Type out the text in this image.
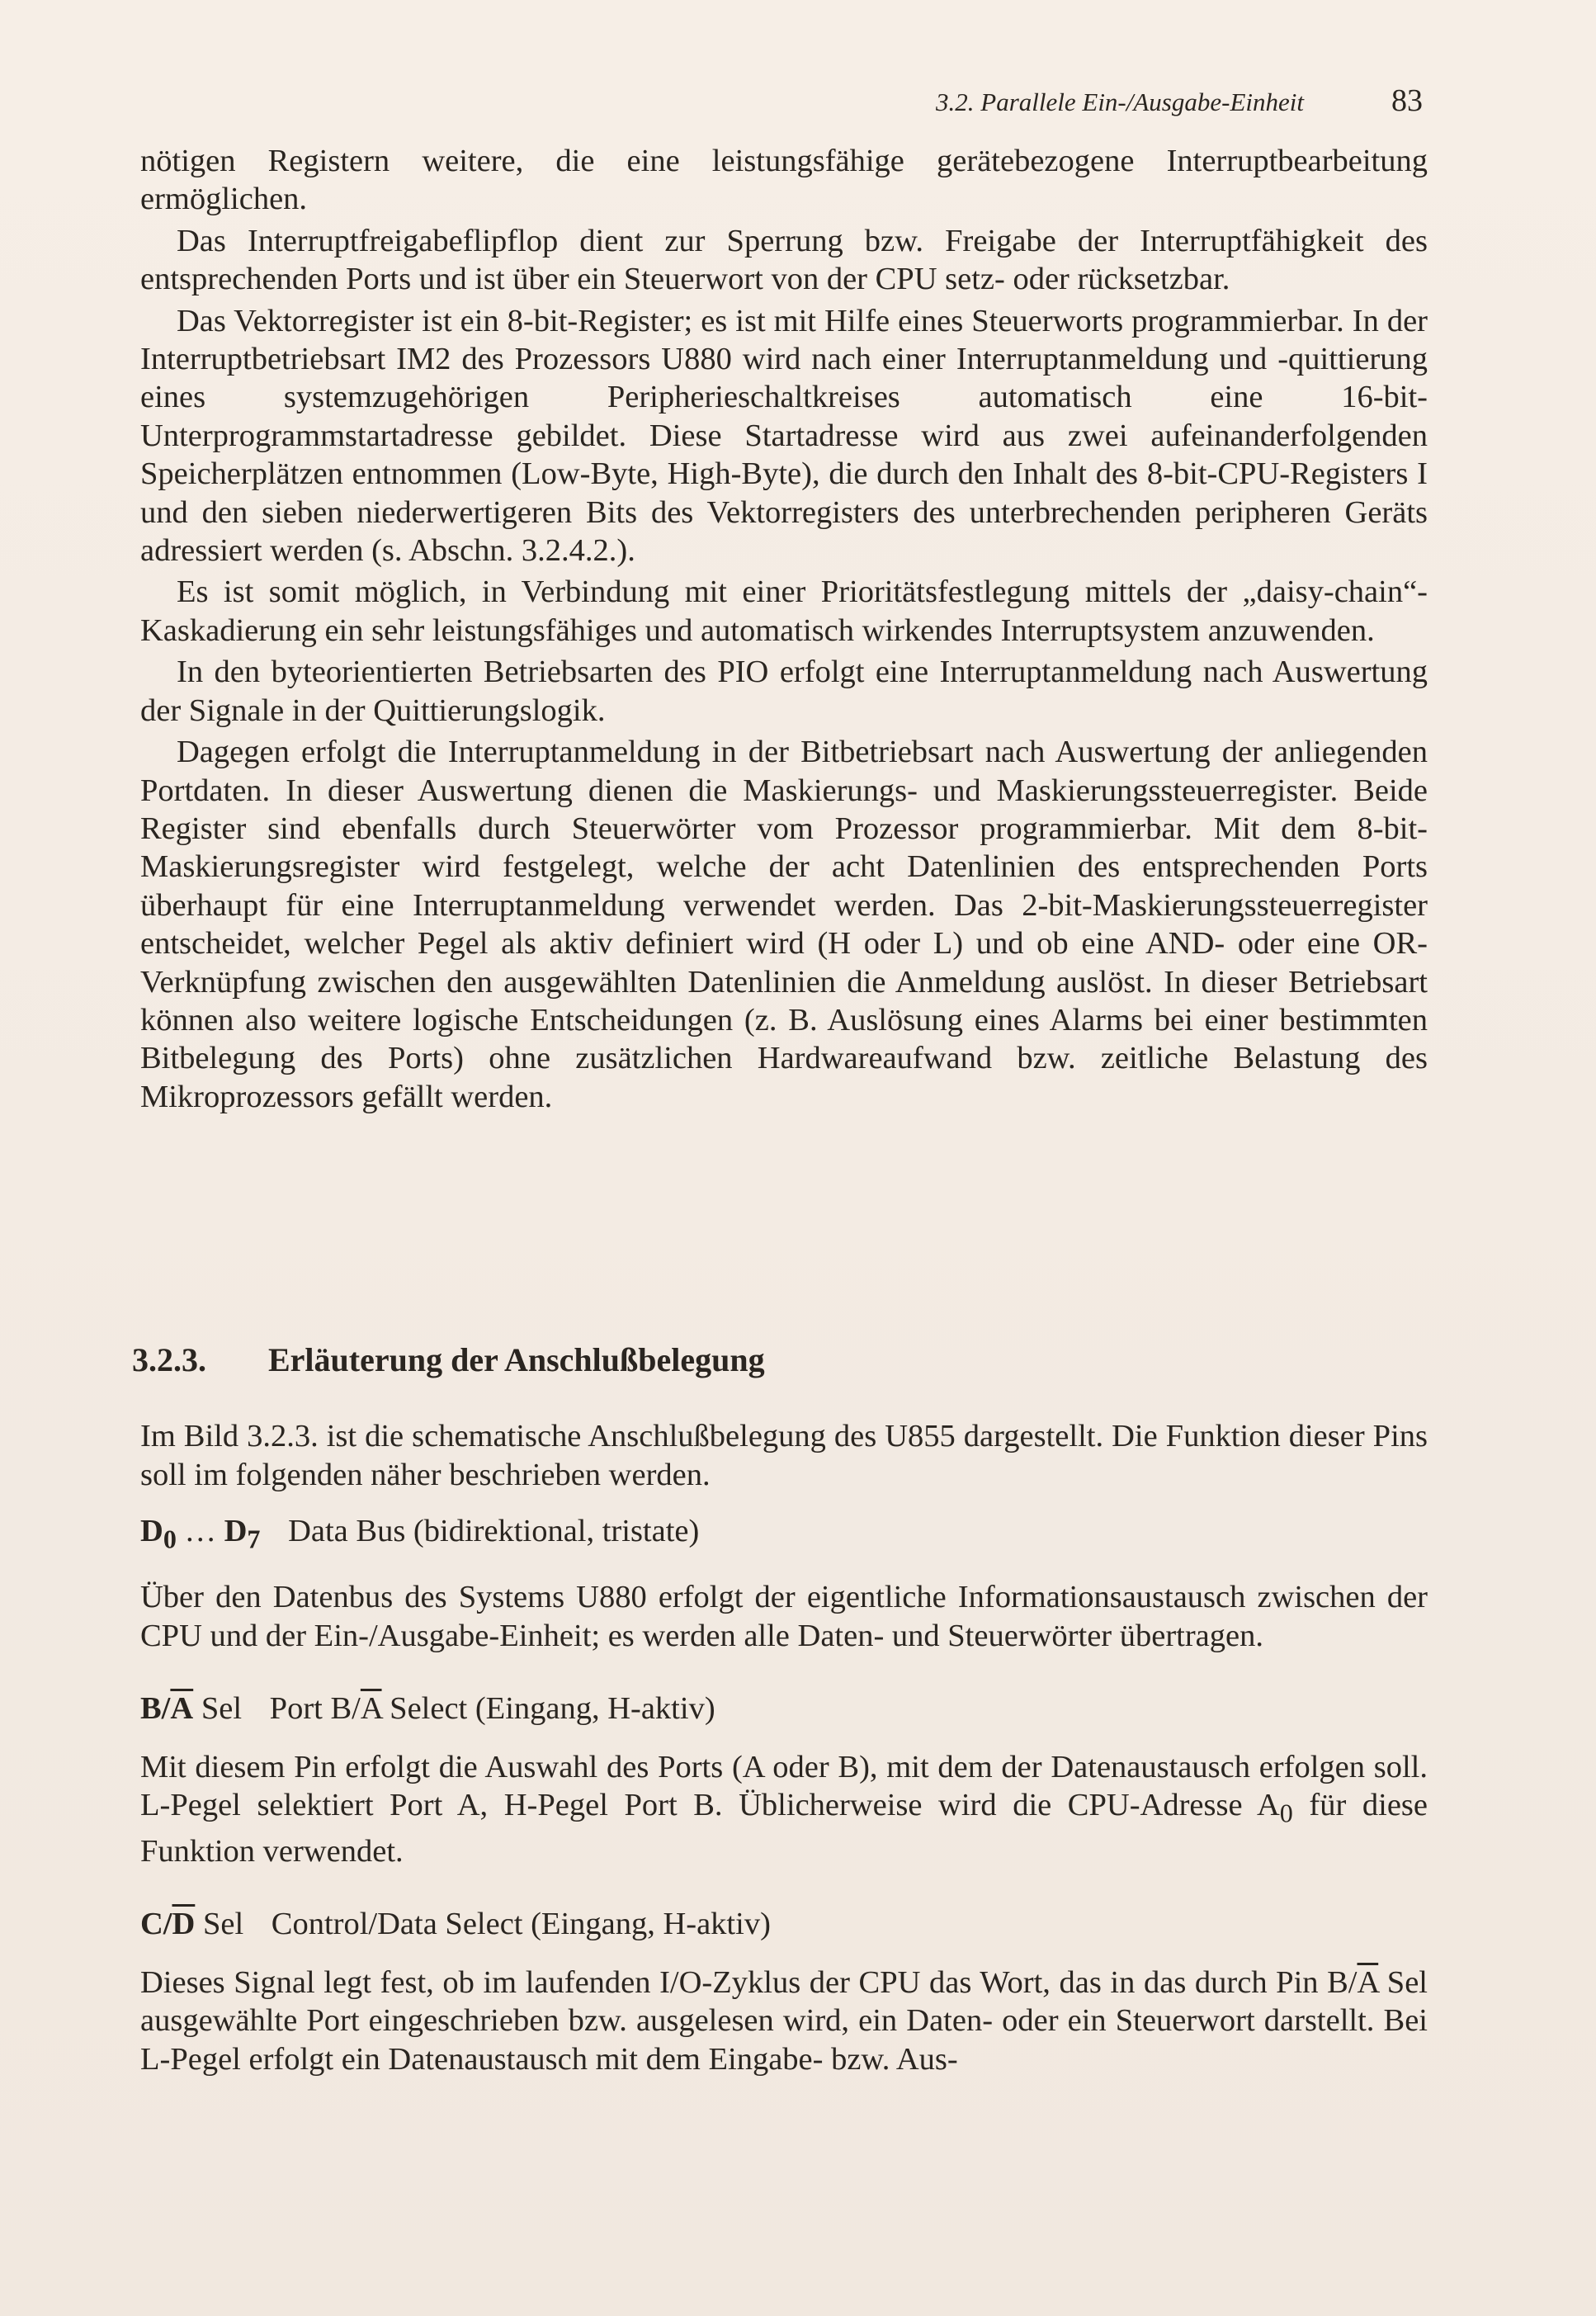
3.2. Parallele Ein-/Ausgabe-Einheit	83

nötigen Registern weitere, die eine leistungsfähige gerätebezogene Interruptbearbeitung ermöglichen.

Das Interruptfreigabeflipflop dient zur Sperrung bzw. Freigabe der Interruptfähigkeit des entsprechenden Ports und ist über ein Steuerwort von der CPU setz- oder rücksetzbar.

Das Vektorregister ist ein 8-bit-Register; es ist mit Hilfe eines Steuerworts programmierbar. In der Interruptbetriebsart IM2 des Prozessors U880 wird nach einer Interruptanmeldung und -quittierung eines systemzugehörigen Peripherieschaltkreises automatisch eine 16-bit-Unterprogrammstartadresse gebildet. Diese Startadresse wird aus zwei aufeinanderfolgenden Speicherplätzen entnommen (Low-Byte, High-Byte), die durch den Inhalt des 8-bit-CPU-Registers I und den sieben niederwertigeren Bits des Vektorregisters des unterbrechenden peripheren Geräts adressiert werden (s. Abschn. 3.2.4.2.).

Es ist somit möglich, in Verbindung mit einer Prioritätsfestlegung mittels der „daisy-chain“-Kaskadierung ein sehr leistungsfähiges und automatisch wirkendes Interruptsystem anzuwenden.

In den byteorientierten Betriebsarten des PIO erfolgt eine Interruptanmeldung nach Auswertung der Signale in der Quittierungslogik.

Dagegen erfolgt die Interruptanmeldung in der Bitbetriebsart nach Auswertung der anliegenden Portdaten. In dieser Auswertung dienen die Maskierungs- und Maskierungssteuerregister. Beide Register sind ebenfalls durch Steuerwörter vom Prozessor programmierbar. Mit dem 8-bit-Maskierungsregister wird festgelegt, welche der acht Datenlinien des entsprechenden Ports überhaupt für eine Interruptanmeldung verwendet werden. Das 2-bit-Maskierungssteuerregister entscheidet, welcher Pegel als aktiv definiert wird (H oder L) und ob eine AND- oder eine OR-Verknüpfung zwischen den ausgewählten Datenlinien die Anmeldung auslöst. In dieser Betriebsart können also weitere logische Entscheidungen (z. B. Auslösung eines Alarms bei einer bestimmten Bitbelegung des Ports) ohne zusätzlichen Hardwareaufwand bzw. zeitliche Belastung des Mikroprozessors gefällt werden.

3.2.3. Erläuterung der Anschlußbelegung

Im Bild 3.2.3. ist die schematische Anschlußbelegung des U855 dargestellt. Die Funktion dieser Pins soll im folgenden näher beschrieben werden.

$D_0$ … $D_7$ Data Bus (bidirektional, tristate)

Über den Datenbus des Systems U880 erfolgt der eigentliche Informationsaustausch zwischen der CPU und der Ein-/Ausgabe-Einheit; es werden alle Daten- und Steuerwörter übertragen.

$B/\overline{A}$ Sel Port $B/\overline{A}$ Select (Eingang, H-aktiv)

Mit diesem Pin erfolgt die Auswahl des Ports (A oder B), mit dem der Datenaustausch erfolgen soll. L-Pegel selektiert Port A, H-Pegel Port B. Üblicherweise wird die CPU-Adresse $A_0$ für diese Funktion verwendet.

$C/\overline{D}$ Sel Control/Data Select (Eingang, H-aktiv)

Dieses Signal legt fest, ob im laufenden I/O-Zyklus der CPU das Wort, das in das durch Pin $B/\overline{A}$ Sel ausgewählte Port eingeschrieben bzw. ausgelesen wird, ein Daten- oder ein Steuerwort darstellt. Bei L-Pegel erfolgt ein Datenaustausch mit dem Eingabe- bzw. Aus-
